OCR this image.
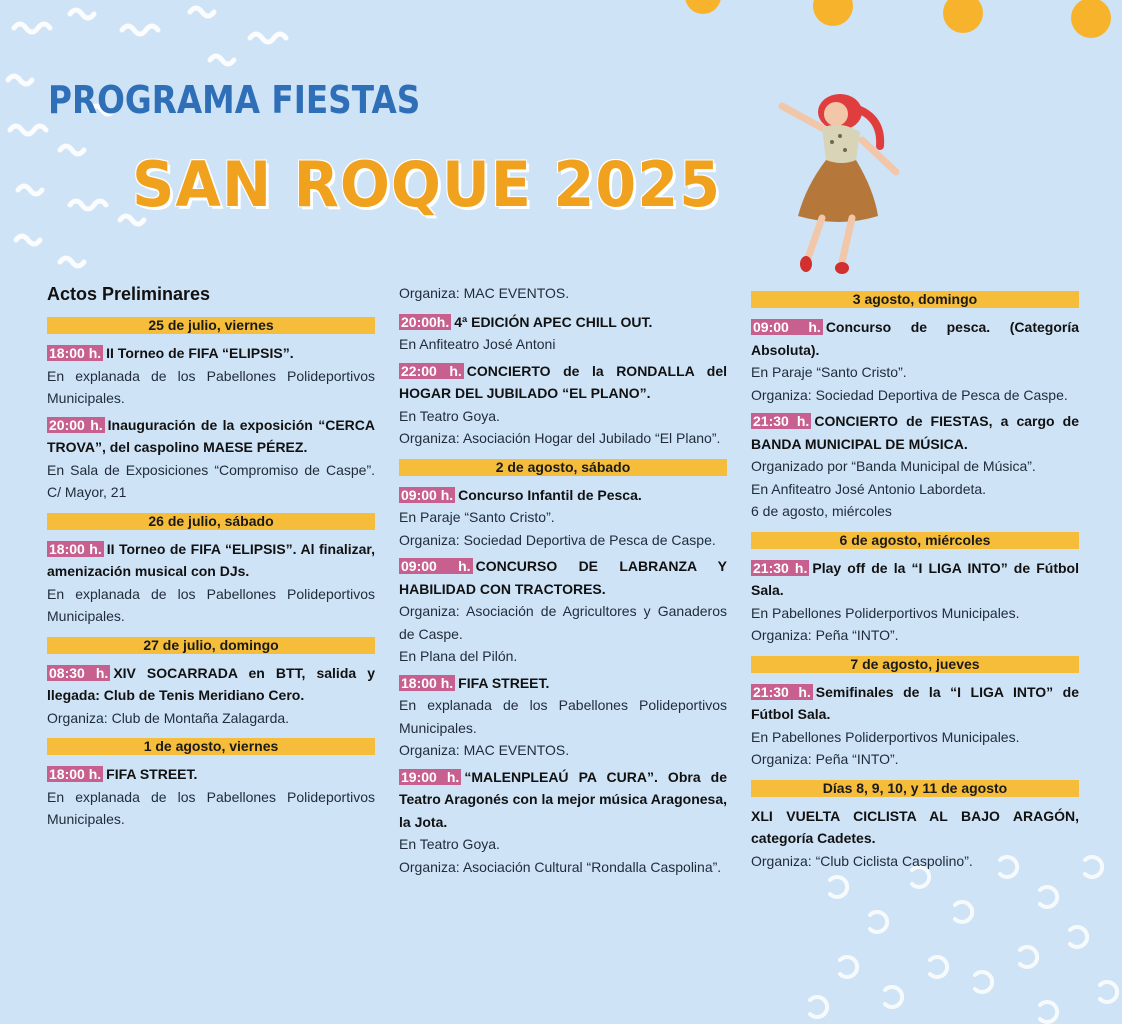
PROGRAMA FIESTAS
SAN ROQUE 2025
Actos Preliminares
25 de julio, viernes
18:00 h. II Torneo de FIFA “ELIPSIS”.
En explanada de los Pabellones Polideportivos Municipales.
20:00 h. Inauguración de la exposición “CERCA TROVA”, del caspolino MAESE PÉREZ.
En Sala de Exposiciones “Compromiso de Caspe”. C/ Mayor, 21
26 de julio, sábado
18:00 h. II Torneo de FIFA “ELIPSIS”. Al finalizar, amenización musical con DJs.
En explanada de los Pabellones Polideportivos Municipales.
27 de julio, domingo
08:30 h. XIV SOCARRADA en BTT, salida y llegada: Club de Tenis Meridiano Cero.
Organiza: Club de Montaña Zalagarda.
1 de agosto, viernes
18:00 h. FIFA STREET.
En explanada de los Pabellones Polideportivos Municipales.
Organiza: MAC EVENTOS.
20:00h. 4ª EDICIÓN APEC CHILL OUT.
En Anfiteatro José Antoni
22:00 h. CONCIERTO de la RONDALLA del HOGAR DEL JUBILADO “EL PLANO”.
En Teatro Goya.
Organiza: Asociación Hogar del Jubilado “El Plano”.
2 de agosto, sábado
09:00 h. Concurso Infantil de Pesca.
En Paraje “Santo Cristo”.
Organiza: Sociedad Deportiva de Pesca de Caspe.
09:00 h. CONCURSO DE LABRANZA Y HABILIDAD CON TRACTORES.
Organiza: Asociación de Agricultores y Ganaderos de Caspe.
En Plana del Pilón.
18:00 h. FIFA STREET.
En explanada de los Pabellones Polideportivos Municipales.
Organiza: MAC EVENTOS.
19:00 h. “MALENPLEAÚ PA CURA”. Obra de Teatro Aragonés con la mejor música Aragonesa, la Jota.
En Teatro Goya.
Organiza: Asociación Cultural “Rondalla Caspolina”.
3 agosto, domingo
09:00 h. Concurso de pesca. (Categoría Absoluta).
En Paraje “Santo Cristo”.
Organiza: Sociedad Deportiva de Pesca de Caspe.
21:30 h. CONCIERTO de FIESTAS, a cargo de BANDA MUNICIPAL DE MÚSICA.
Organizado por “Banda Municipal de Música”.
En Anfiteatro José Antonio Labordeta.
6 de agosto, miércoles
6 de agosto, miércoles
21:30 h. Play off de la “I LIGA INTO” de Fútbol Sala.
En Pabellones Poliderportivos Municipales.
Organiza: Peña “INTO”.
7 de agosto, jueves
21:30 h. Semifinales de la “I LIGA INTO” de Fútbol Sala.
En Pabellones Poliderportivos Municipales.
Organiza: Peña “INTO”.
Días 8, 9, 10, y 11 de agosto
XLI VUELTA CICLISTA AL BAJO ARAGÓN, categoría Cadetes.
Organiza: “Club Ciclista Caspolino”.
